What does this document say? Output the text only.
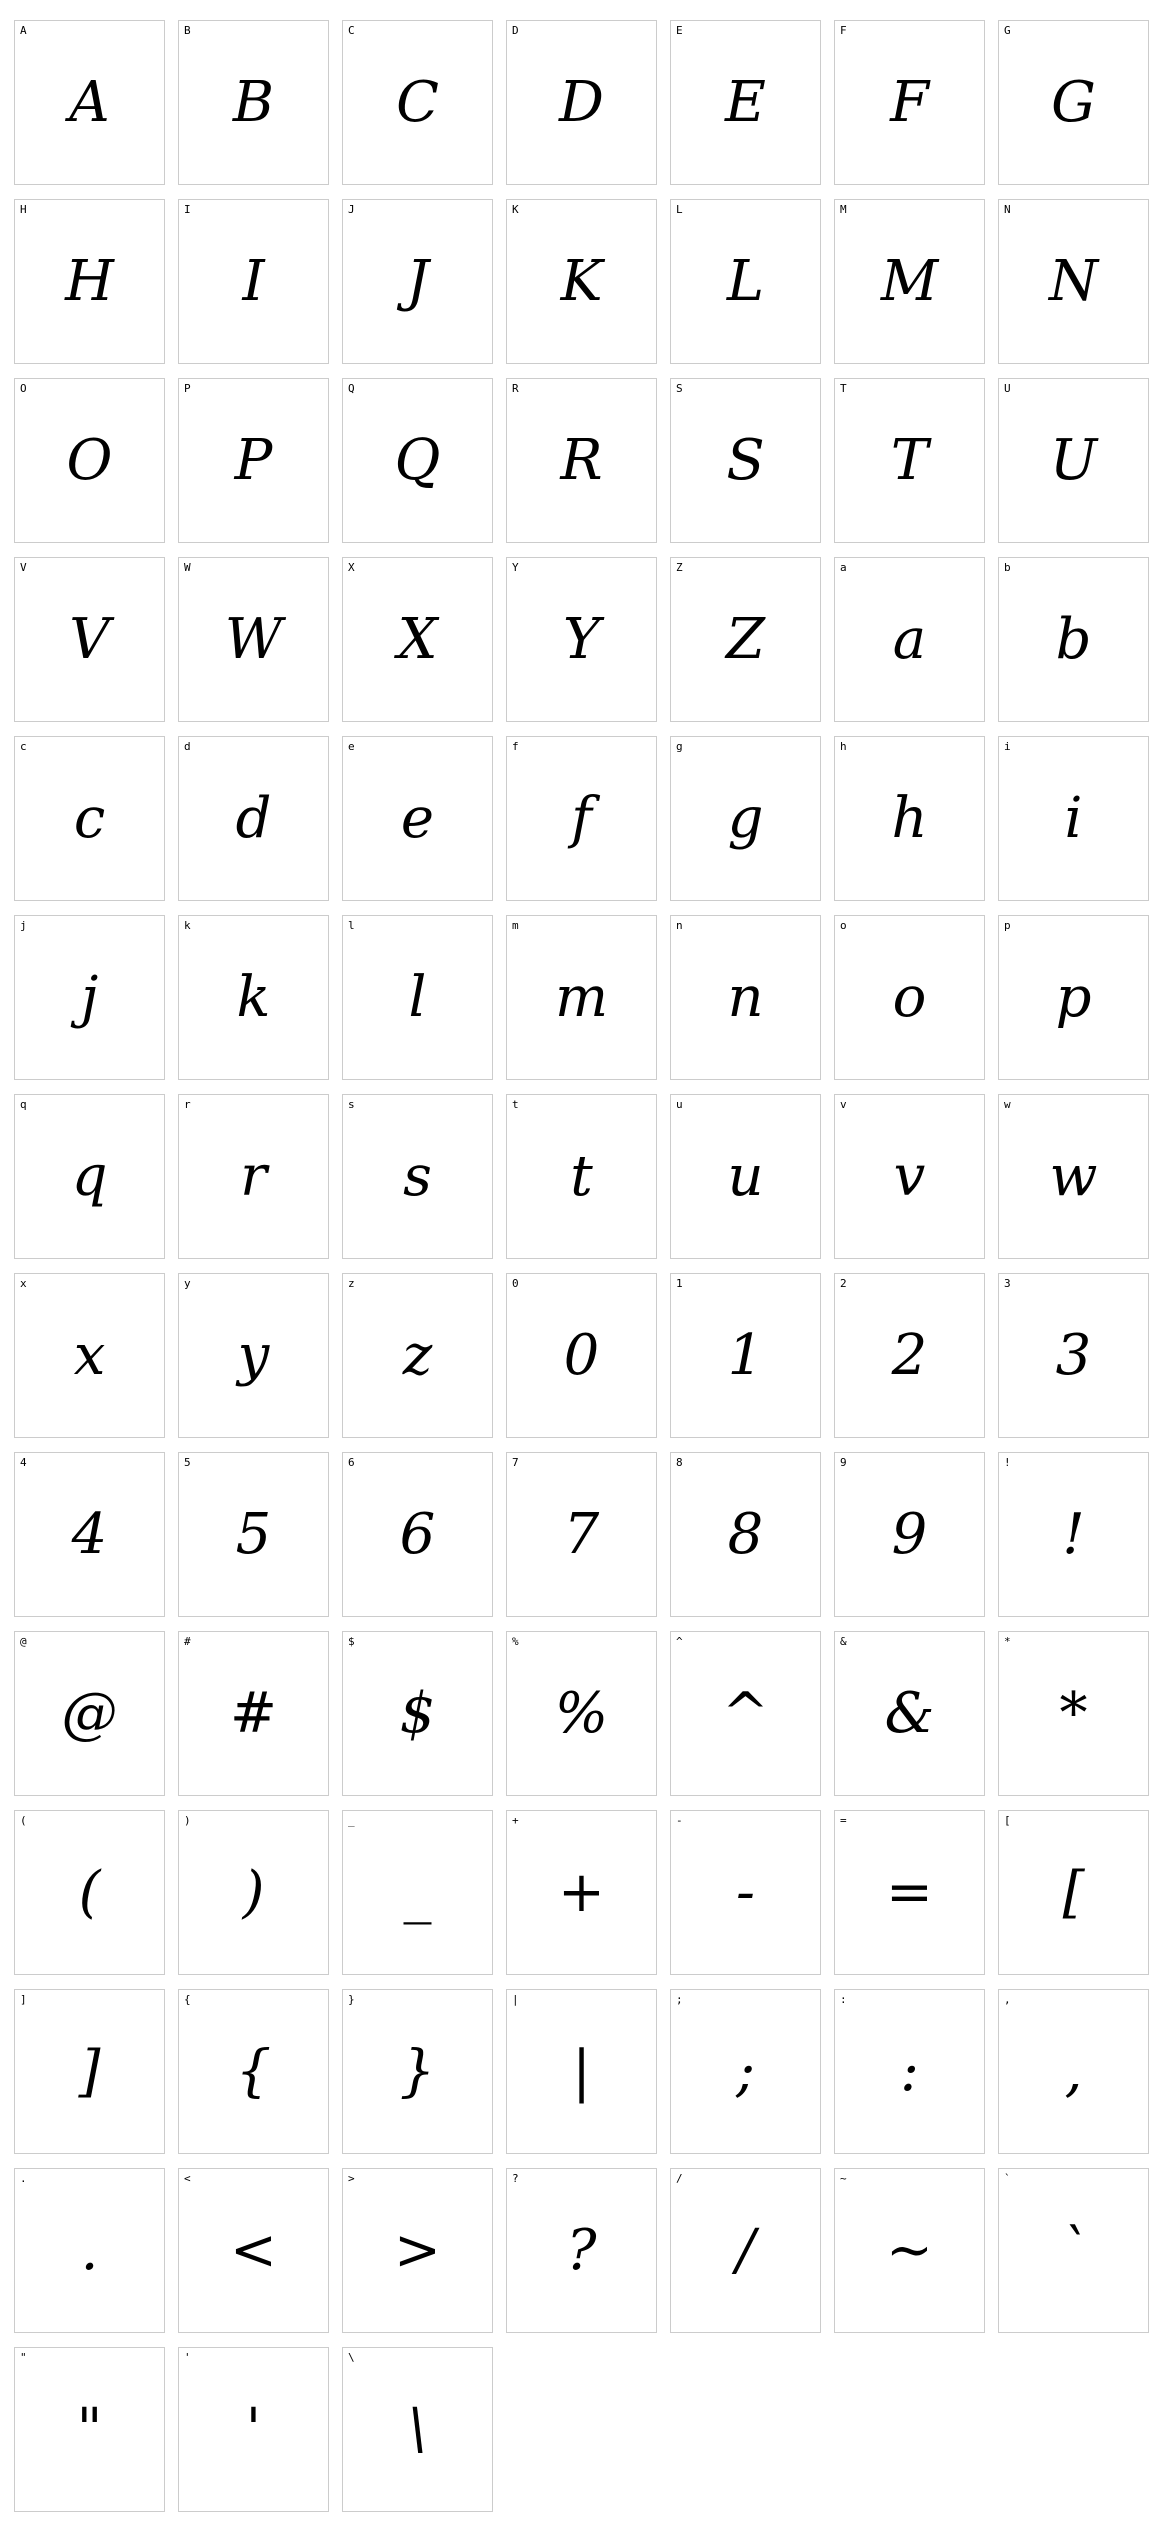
A
A
B
B
C
C
D
D
E
E
F
F
G
G
H
H
I
I
J
J
K
K
L
L
M
M
N
N
O
O
P
P
Q
Q
R
R
S
S
T
T
U
U
V
V
W
W
X
X
Y
Y
Z
Z
a
a
b
b
c
c
d
d
e
e
f
f
g
g
h
h
i
i
j
j
k
k
l
l
m
m
n
n
o
o
p
p
q
q
r
r
s
s
t
t
u
u
v
v
w
w
x
x
y
y
z
z
0
0
1
1
2
2
3
3
4
4
5
5
6
6
7
7
8
8
9
9
!
!
@
@
#
#
$
$
%
%
^
^
&
&
*
*
(
(
)
)
_
_
+
+
-
-
=
=
[
[
]
]
{
{
}
}
|
|
;
;
:
:
,
,
.
.
<
<
>
>
?
?
/
/
~
~
`
`
"
"
'
'
\
\
